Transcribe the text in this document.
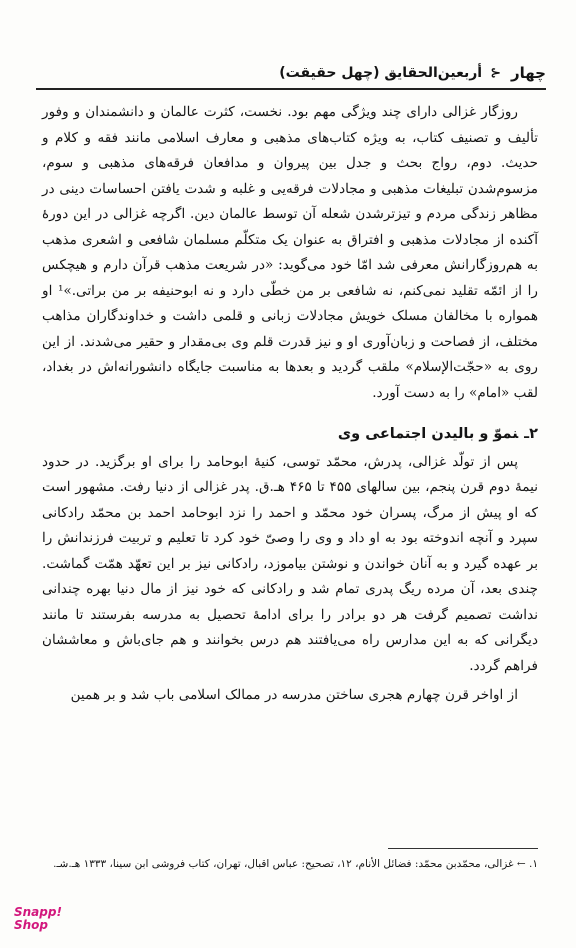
چهار
⊰
أربعین‌الحقایق (چهل حقیقت)

روزگار غزالی دارای چند ویژگی مهم بود. نخست، کثرت عالمان و دانشمندان و وفور تألیف و تصنیف کتاب، به ویژه کتاب‌های مذهبی و معارف اسلامی مانند فقه و کلام و حدیث. دوم، رواج بحث و جدل بین پیروان و مدافعان فرقه‌های مذهبی و سوم، مزسوم‌شدن تبلیغات مذهبی و مجادلات فرقه‌یی و غلبه و شدت یافتن احساسات دینی در مظاهر زندگی مردم و تیزترشدن شعله آن توسط عالمان دین. اگرچه غزالی در این دورهٔ آکنده از مجادلات مذهبی و افتراق به عنوان یک متکلّم مسلمان شافعی و اشعری مذهب به هم‌روزگارانش معرفی شد امّا خود می‌گوید: «در شریعت مذهب قرآن دارم و هیچکس را از ائمّه تقلید نمی‌کنم، نه شافعی بر من خطّی دارد و نه ابوحنیفه بر من براتی.»¹ او همواره با مخالفان مسلک خویش مجادلات زبانی و قلمی داشت و خداوندگاران مذاهب مختلف، از فصاحت و زبان‌آوری او و نیز قدرت قلم وی بی‌مقدار و حقیر می‌شدند. از این روی به «حجّت‌الإسلام» ملقب گردید و بعدها به مناسبت جایگاه دانشورانه‌اش در بغداد، لقب «امام» را به دست آورد.

۲ـنموّ و بالیدن اجتماعی وی

پس از تولّد غزالی، پدرش، محمّد توسی، کنیهٔ ابوحامد را برای او برگزید. در حدود نیمهٔ دوم قرن پنجم، بین سالهای ۴۵۵ تا ۴۶۵ هـ.ق. پدر غزالی از دنیا رفت. مشهور است که او پیش از مرگ، پسران خود محمّد و احمد را نزد ابوحامد احمد بن محمّد رادکانی سپرد و آنچه اندوخته بود به او داد و وی را وصیّ خود کرد تا تعلیم و تربیت فرزندانش را بر عهده گیرد و به آنان خواندن و نوشتن بیاموزد، رادکانی نیز بر این تعهّد همّت گماشت. چندی بعد، آن مرده ریگ پدری تمام شد و رادکانی که خود نیز از مال دنیا بهره چندانی نداشت تصمیم گرفت هر دو برادر را برای ادامهٔ تحصیل به مدرسه بفرستند تا مانند دیگرانی که به این مدارس راه می‌یافتند هم درس بخوانند و هم جای‌باش و معاششان فراهم گردد.

از اواخر قرن چهارم هجری ساختن مدرسه در ممالک اسلامی باب شد و بر همین

۱. ← غزالی، محمّدبن محمّد: فضائل الأنام، ۱۲، تصحیح: عباس اقبال، تهران، کتاب فروشی ابن سینا، ۱۳۳۳ هـ.شـ.
Snapp!
Shop
